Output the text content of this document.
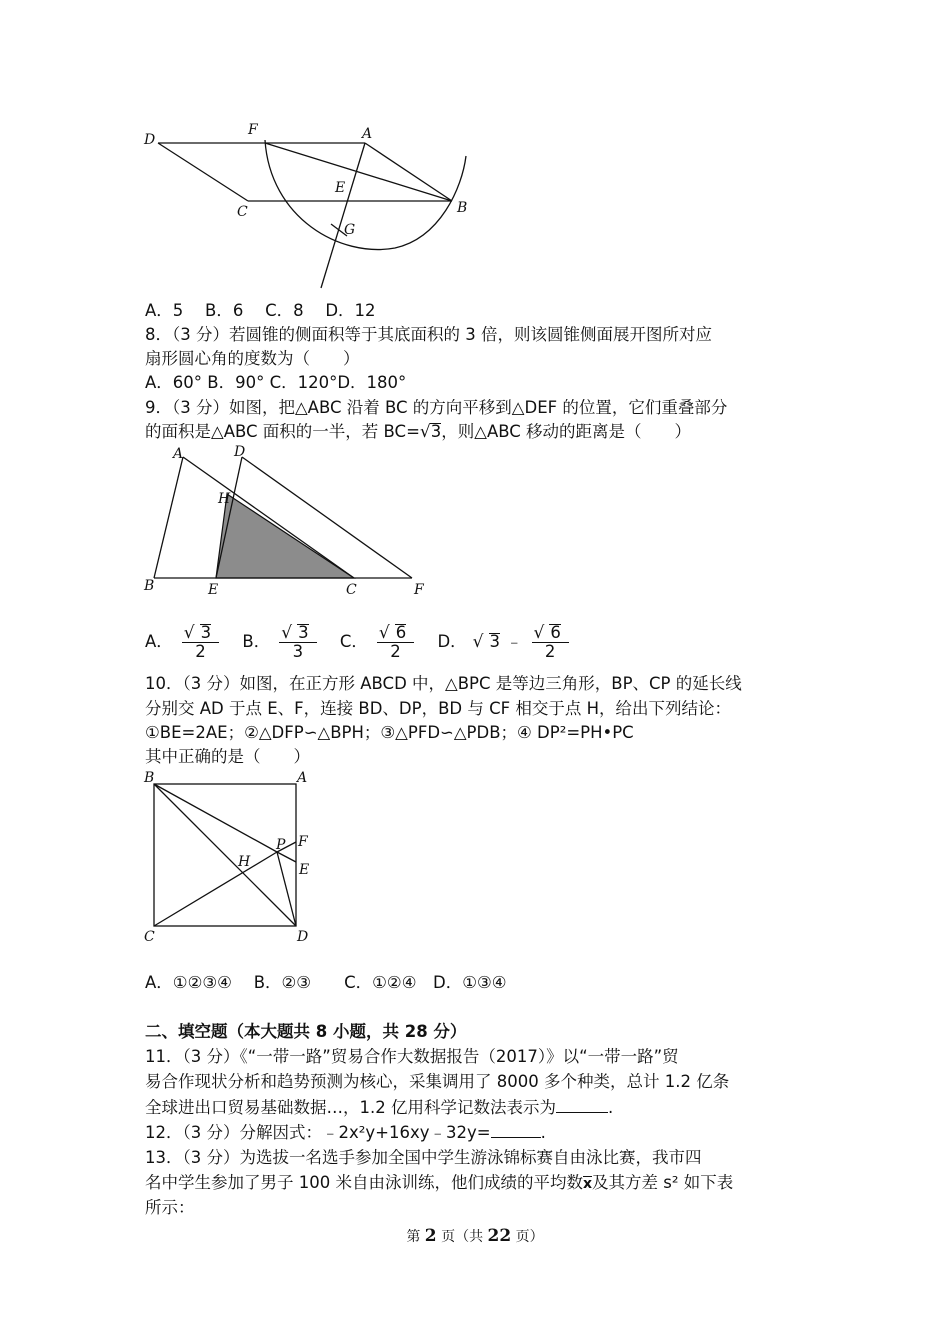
D
F	A
E
C	B
G
A．5　 B．6　 C．8　 D．12
8．（3 分）若圆锥的侧面积等于其底面积的 3 倍，则该圆锥侧面展开图所对应
扇形圆心角的度数为（　　）
A．60° B．90° C．120°D．180°
9．（3 分）如图，把△ABC 沿着 BC 的方向平移到△DEF 的位置，它们重叠部分
的面积是△ABC 面积的一半，若 BC=√3，则△ABC 移动的距离是（　　）
A	D
H
B	E	C	F
A． $\frac{√ 3}{2}$ B． $\frac{√ 3}{3}$ C． $\frac{√ 6}{2}$ D． √ 3 ﹣ $\frac{√ 6}{2}$
10．（3 分）如图，在正方形 ABCD 中，△BPC 是等边三角形，BP、CP 的延长线
分别交 AD 于点 E、F，连接 BD、DP，BD 与 CF 相交于点 H，给出下列结论：
①BE=2AE；②△DFP∽△BPH；③△PFD∽△PDB；④ DP²=PH•PC
其中正确的是（　　）
B	A
P F
H	E
C	D
A．①②③④　 B．②③　　C．①②④　D．①③④
二、填空题（本大题共 8 小题，共 28 分）
11．（3 分）《“一带一路”贸易合作大数据报告（2017）》以“一带一路”贸
易合作现状分析和趋势预测为核心，采集调用了 8000 多个种类，总计 1.2 亿条
全球进出口贸易基础数据…，1.2 亿用科学记数法表示为	.
12．（3 分）分解因式：﹣2x²y+16xy﹣32y=	.
13．（3 分）为选拔一名选手参加全国中学生游泳锦标赛自由泳比赛，我市四
名中学生参加了男子 100 米自由泳训练，他们成绩的平均数x及其方差 s² 如下表
所示：
第 2 页（共 22 页）
